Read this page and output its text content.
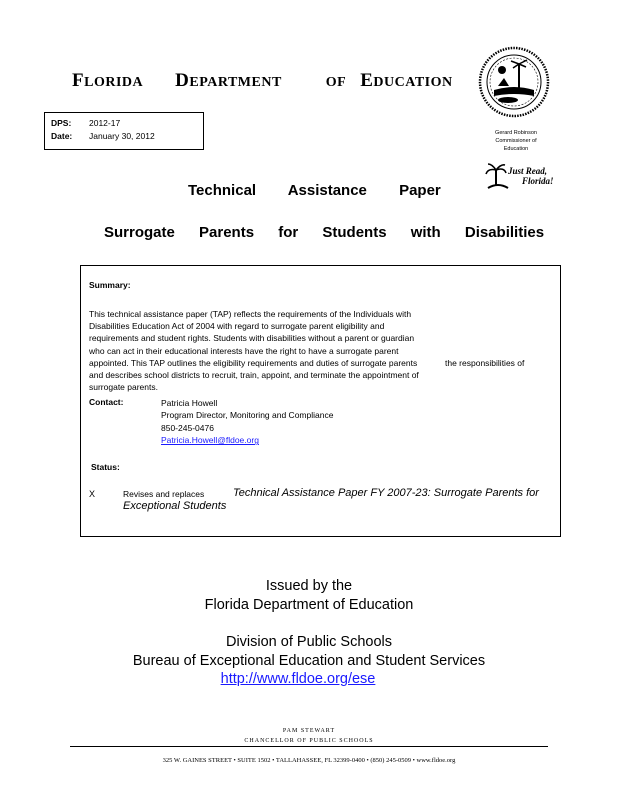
FLORIDA DEPARTMENT	OF EDUCATION
DPS: 2012-17
Date: January 30, 2012	Gerard Robinson
Commissioner of
Education
Just Read,
Florida!
Technical Assistance Paper
Surrogate Parents for Students with Disabilities
Summary:
This technical assistance paper (TAP) reflects the requirements of the Individuals with Disabilities Education Act of 2004 with regard to surrogate parent eligibility and requirements and student rights. Students with disabilities without a parent or guardian who can act in their educational interests have the right to have a surrogate parent appointed. This TAP outlines the eligibility requirements and duties of surrogate parents and describes school districts to recruit, train, appoint, and terminate the appointment of surrogate parents.
the responsibilities of
Contact:	Patricia Howell
Program Director, Monitoring and Compliance
850-245-0476
Patricia.Howell@fldoe.org
Status:
X	Revises and replaces	Technical Assistance Paper FY 2007-23: Surrogate Parents for Exceptional Students
Issued by the
Florida Department of Education
Division of Public Schools
Bureau of Exceptional Education and Student Services
http://www.fldoe.org/ese
PAM STEWART
CHANCELLOR OF PUBLIC SCHOOLS
325 W. GAINES STREET • SUITE 1502 • TALLAHASSEE, FL 32399-0400 • (850) 245-0509 • www.fldoe.org
